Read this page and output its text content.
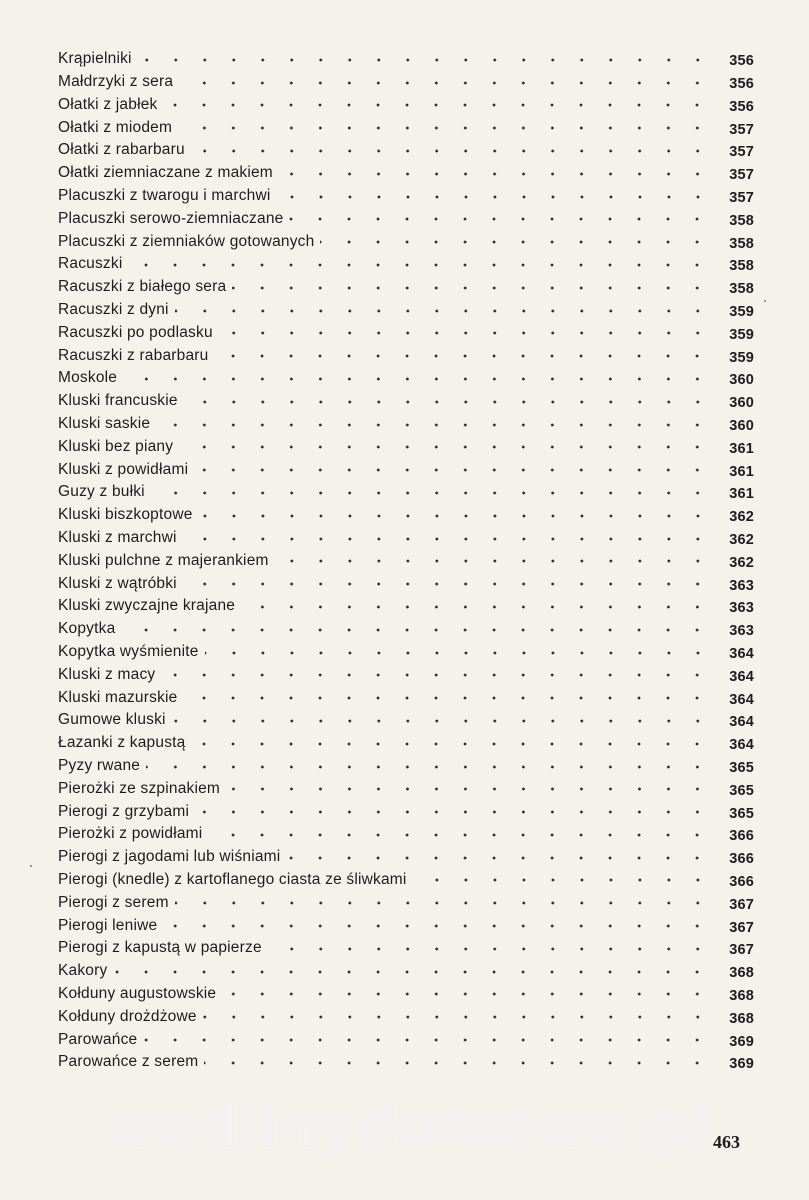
Krąpielniki	356
Małdrzyki z sera	356
Ołatki z jabłek	356
Ołatki z miodem	357
Ołatki z rabarbaru	357
Ołatki ziemniaczane z makiem	357
Placuszki z twarogu i marchwi	357
Placuszki serowo-ziemniaczane	358
Placuszki z ziemniaków gotowanych	358
Racuszki	358
Racuszki z białego sera	358
Racuszki z dyni	359
Racuszki po podlasku	359
Racuszki z rabarbaru	359
Moskole	360
Kluski francuskie	360
Kluski saskie	360
Kluski bez piany	361
Kluski z powidłami	361
Guzy z bułki	361
Kluski biszkoptowe	362
Kluski z marchwi	362
Kluski pulchne z majerankiem	362
Kluski z wątróbki	363
Kluski zwyczajne krajane	363
Kopytka	363
Kopytka wyśmienite	364
Kluski z macy	364
Kluski mazurskie	364
Gumowe kluski	364
Łazanki z kapustą	364
Pyzy rwane	365
Pierożki ze szpinakiem	365
Pierogi z grzybami	365
Pierożki z powidłami	366
Pierogi z jagodami lub wiśniami	366
Pierogi (knedle) z kartoflanego ciasta ze śliwkami	366
Pierogi z serem	367
Pierogi leniwe	367
Pierogi z kapustą w papierze	367
Kakory	368
Kołduny augustowskie	368
Kołduny drożdżowe	368
Parowańce	369
Parowańce z serem	369
wedlinydomowe.pl 463
